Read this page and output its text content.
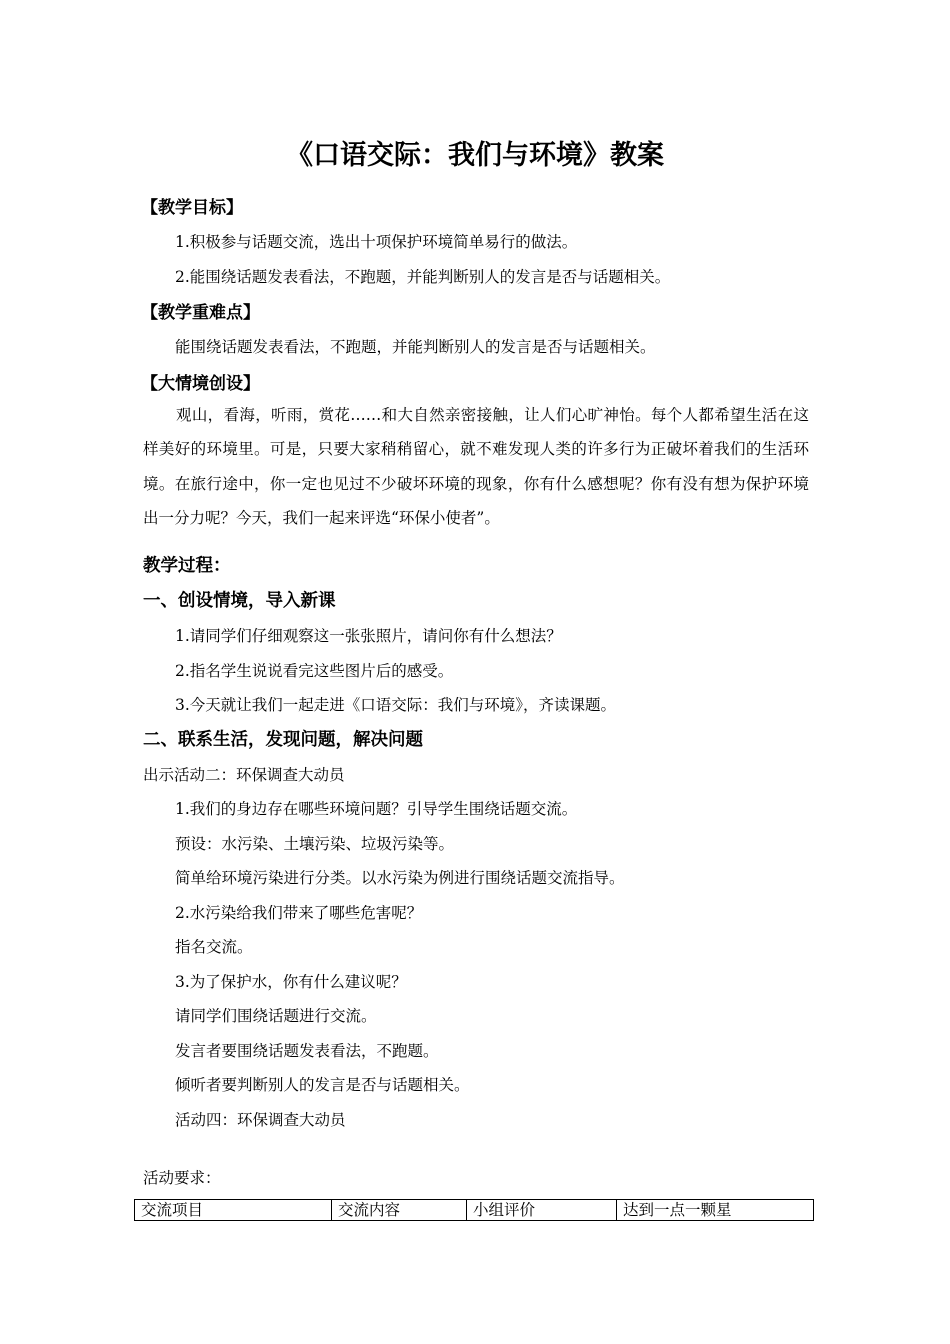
《口语交际：我们与环境》教案
【教学目标】
1.积极参与话题交流，选出十项保护环境简单易行的做法。
2.能围绕话题发表看法，不跑题，并能判断别人的发言是否与话题相关。
【教学重难点】
能围绕话题发表看法，不跑题，并能判断别人的发言是否与话题相关。
【大情境创设】
观山，看海，听雨，赏花……和大自然亲密接触，让人们心旷神怡。每个人都希望生活在这样美好的环境里。可是，只要大家稍稍留心，就不难发现人类的许多行为正破坏着我们的生活环境。在旅行途中，你一定也见过不少破坏环境的现象，你有什么感想呢？你有没有想为保护环境出一分力呢？今天，我们一起来评选“环保小使者”。
教学过程：
一、创设情境，导入新课
1.请同学们仔细观察这一张张照片，请问你有什么想法？
2.指名学生说说看完这些图片后的感受。
3.今天就让我们一起走进《口语交际：我们与环境》，齐读课题。
二、联系生活，发现问题，解决问题
出示活动二：环保调查大动员
1.我们的身边存在哪些环境问题？引导学生围绕话题交流。
预设：水污染、土壤污染、垃圾污染等。
简单给环境污染进行分类。以水污染为例进行围绕话题交流指导。
2.水污染给我们带来了哪些危害呢？
指名交流。
3.为了保护水，你有什么建议呢？
请同学们围绕话题进行交流。
发言者要围绕话题发表看法，不跑题。
倾听者要判断别人的发言是否与话题相关。
活动四：环保调查大动员
活动要求：
交流项目	交流内容	小组评价	达到一点一颗星
